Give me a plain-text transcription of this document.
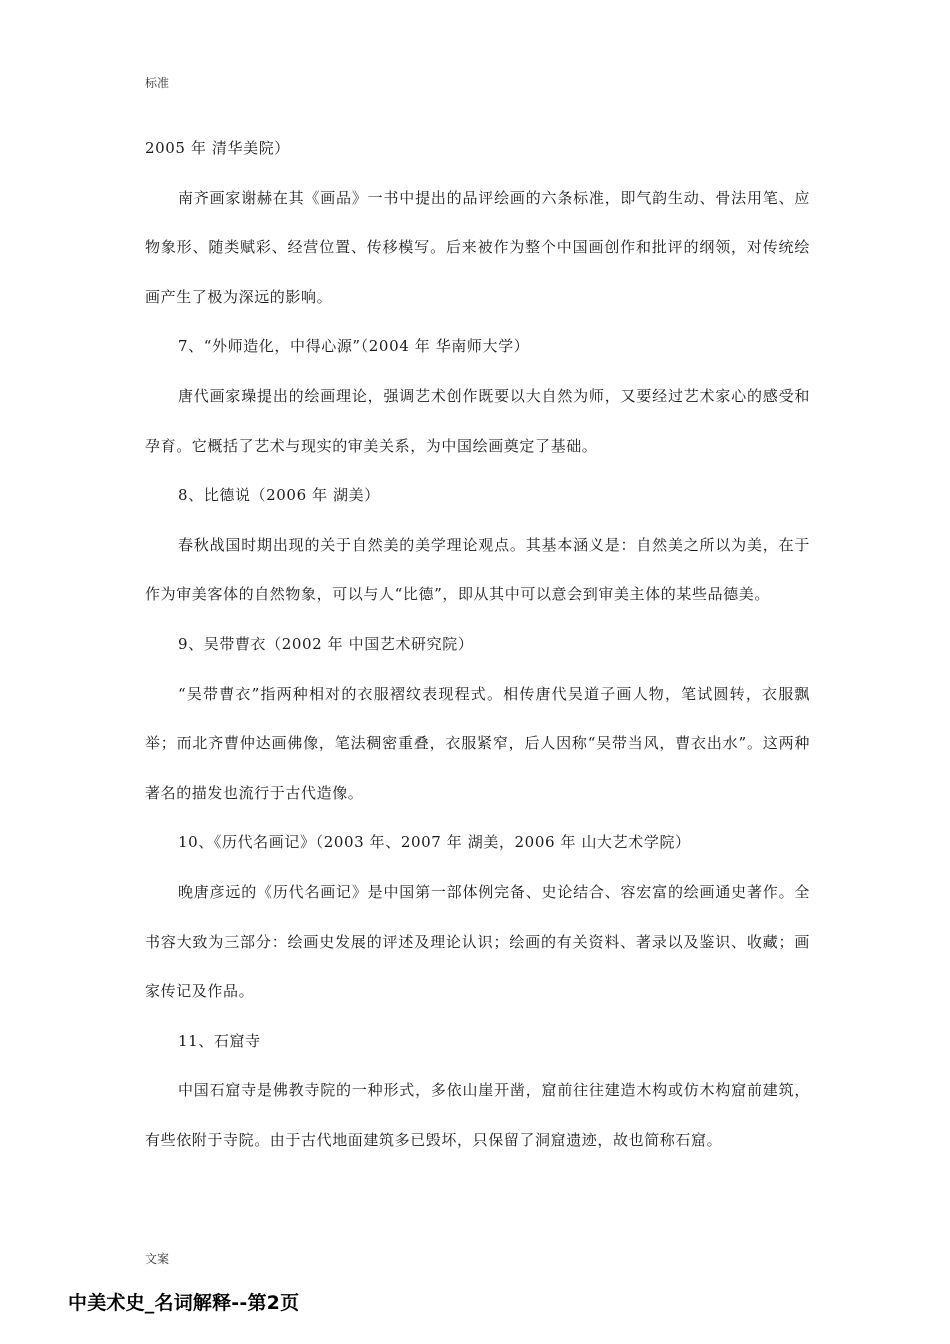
标准

2005 年 清华美院）

南齐画家谢赫在其《画品》一书中提出的品评绘画的六条标准，即气韵生动、骨法用笔、应物象形、随类赋彩、经营位置、传移模写。后来被作为整个中国画创作和批评的纲领，对传统绘画产生了极为深远的影响。

7、“外师造化，中得心源”（2004 年 华南师大学）

唐代画家璪提出的绘画理论，强调艺术创作既要以大自然为师，又要经过艺术家心的感受和孕育。它概括了艺术与现实的审美关系，为中国绘画奠定了基础。

8、比德说（2006 年 湖美）

春秋战国时期出现的关于自然美的美学理论观点。其基本涵义是：自然美之所以为美，在于作为审美客体的自然物象，可以与人“比德”，即从其中可以意会到审美主体的某些品德美。

9、吴带曹衣（2002 年 中国艺术研究院）

“吴带曹衣”指两种相对的衣服褶纹表现程式。相传唐代吴道子画人物，笔试圆转，衣服飘举；而北齐曹仲达画佛像，笔法稠密重叠，衣服紧窄，后人因称“吴带当风，曹衣出水”。这两种著名的描发也流行于古代造像。

10、《历代名画记》（2003 年、2007 年 湖美，2006 年 山大艺术学院）

晚唐彦远的《历代名画记》是中国第一部体例完备、史论结合、容宏富的绘画通史著作。全书容大致为三部分：绘画史发展的评述及理论认识；绘画的有关资料、著录以及鉴识、收藏；画家传记及作品。

11、石窟寺

中国石窟寺是佛教寺院的一种形式，多依山崖开凿，窟前往往建造木构或仿木构窟前建筑，有些依附于寺院。由于古代地面建筑多已毁坏，只保留了洞窟遗迹，故也简称石窟。

文案
中美术史_名词解释--第2页
